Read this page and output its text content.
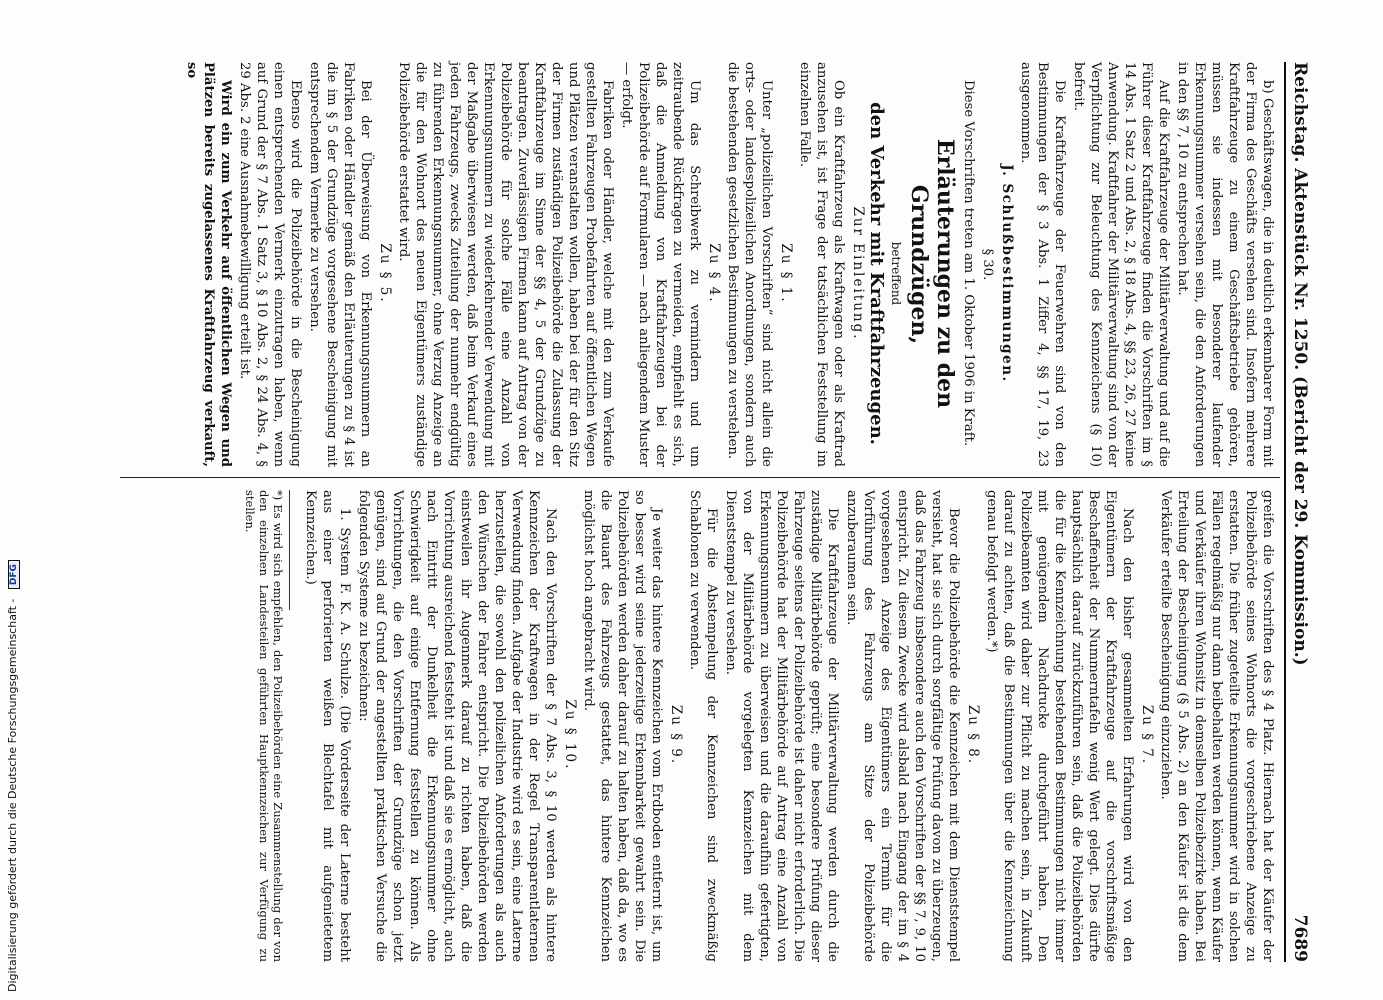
Reichstag. Aktenstück Nr. 1250. (Bericht der 29. Kommission.)
7689

b) Geschäftswagen, die in deutlich erkennbarer Form mit der Firma des Geschäfts versehen sind. Insofern mehrere Kraftfahrzeuge zu einem Geschäftsbetriebe gehören, müssen sie indessen mit besonderer laufender Erkennungsnummer versehen sein, die den Anforderungen in den §§ 7, 10 zu entsprechen hat.

Auf die Kraftfahrzeuge der Militärverwaltung und auf die Führer dieser Kraftfahrzeuge finden die Vorschriften im § 14 Abs. 1 Satz 2 und Abs. 2, § 18 Abs. 4, §§ 23, 26, 27 keine Anwendung. Kraftfahrer der Militärverwaltung sind von der Verpflichtung zur Beleuchtung des Kennzeichens (§ 10) befreit.

Die Kraftfahrzeuge der Feuerwehren sind von den Bestimmungen der § 3 Abs. 1 Ziffer 4, §§ 17, 19, 23 ausgenommen.

J. Schlußbestimmungen.

§ 30.

Diese Vorschriften treten am 1. Oktober 1906 in Kraft.

Erläuterungen zu den Grundzügen,

betreffend

den Verkehr mit Kraftfahrzeugen.

Zur Einleitung.

Ob ein Kraftfahrzeug als Kraftwagen oder als Kraftrad anzusehen ist, ist Frage der tatsächlichen Feststellung im einzelnen Falle.

Zu § 1.

Unter „polizeilichen Vorschriften“ sind nicht allein die orts- oder landespolizeilichen Anordnungen, sondern auch die bestehenden gesetzlichen Bestimmungen zu verstehen.

Zu § 4.

Um das Schreibwerk zu vermindern und um zeitraubende Rückfragen zu vermeiden, empfiehlt es sich, daß die Anmeldung von Kraftfahrzeugen bei der Polizeibehörde auf Formularen — nach anliegendem Muster — erfolgt.

Fabriken oder Händler, welche mit den zum Verkaufe gestellten Fahrzeugen Probefahrten auf öffentlichen Wegen und Plätzen veranstalten wollen, haben bei der für den Sitz der Firmen zuständigen Polizeibehörde die Zulassung der Kraftfahrzeuge im Sinne der §§ 4, 5 der Grundzüge zu beantragen. Zuverlässigen Firmen kann auf Antrag von der Polizeibehörde für solche Fälle eine Anzahl von Erkennungsnummern zu wiederkehrender Verwendung mit der Maßgabe überwiesen werden, daß beim Verkauf eines jeden Fahrzeugs, zwecks Zuteilung der nunmehr endgültig zu führenden Erkennungsnummer, ohne Verzug Anzeige an die für den Wohnort des neuen Eigentümers zuständige Polizeibehörde erstattet wird.

Zu § 5.

Bei der Überweisung von Erkennungsnummern an Fabriken oder Händler gemäß den Erläuterungen zu § 4 ist die im § 5 der Grundzüge vorgesehene Bescheinigung mit entsprechendem Vermerke zu versehen.

Ebenso wird die Polizeibehörde in die Bescheinigung einen entsprechenden Vermerk einzutragen haben, wenn auf Grund der § 7 Abs. 1 Satz 3, § 10 Abs. 2, § 24 Abs. 4, § 29 Abs. 2 eine Ausnahmebewilligung erteilt ist.

Wird ein zum Verkehr auf öffentlichen Wegen und Plätzen bereits zugelassenes Kraftfahrzeug verkauft, so

greifen die Vorschriften des § 4 Platz. Hiernach hat der Käufer der Polizeibehörde seines Wohnorts die vorgeschriebene Anzeige zu erstatten. Die früher zugeteilte Erkennungsnummer wird in solchen Fällen regelmäßig nur dann beibehalten werden können, wenn Käufer und Verkäufer ihren Wohnsitz in demselben Polizeibezirke haben. Bei Erteilung der Bescheinigung (§ 5 Abs. 2) an den Käufer ist die dem Verkäufer erteilte Bescheinigung einzuziehen.

Zu § 7.

Nach den bisher gesammelten Erfahrungen wird von den Eigentümern der Kraftfahrzeuge auf die vorschriftsmäßige Beschaffenheit der Nummerntafeln wenig Wert gelegt. Dies dürfte hauptsächlich darauf zurückzuführen sein, daß die Polizeibehörden die für die Kennzeichnung bestehenden Bestimmungen nicht immer mit genügendem Nachdrucke durchgeführt haben. Den Polizeibeamten wird daher zur Pflicht zu machen sein, in Zukunft darauf zu achten, daß die Bestimmungen über die Kennzeichnung genau befolgt werden.*)

Zu § 8.

Bevor die Polizeibehörde die Kennzeichen mit dem Dienststempel versieht, hat sie sich durch sorgfältige Prüfung davon zu überzeugen, daß das Fahrzeug insbesondere auch den Vorschriften der §§ 7, 9, 10 entspricht. Zu diesem Zwecke wird alsbald nach Eingang der im § 4 vorgesehenen Anzeige des Eigentümers ein Termin für die Vorführung des Fahrzeugs am Sitze der Polizeibehörde anzuberaumen sein.

Die Kraftfahrzeuge der Militärverwaltung werden durch die zuständige Militärbehörde geprüft; eine besondere Prüfung dieser Fahrzeuge seitens der Polizeibehörde ist daher nicht erforderlich. Die Polizeibehörde hat der Militärbehörde auf Antrag eine Anzahl von Erkennungsnummern zu überweisen und die daraufhin gefertigten, von der Militärbehörde vorgelegten Kennzeichen mit dem Dienststempel zu versehen.

Für die Abstempelung der Kennzeichen sind zweckmäßig Schablonen zu verwenden.

Zu § 9.

Je weiter das hintere Kennzeichen vom Erdboden entfernt ist, um so besser wird seine jederzeitige Erkennbarkeit gewahrt sein. Die Polizeibehörden werden daher darauf zu halten haben, daß da, wo es die Bauart des Fahrzeugs gestattet, das hintere Kennzeichen möglichst hoch angebracht wird.

Zu § 10.

Nach den Vorschriften der § 7 Abs. 3, § 10 werden als hintere Kennzeichen der Kraftwagen in der Regel Transparentlaternen Verwendung finden. Aufgabe der Industrie wird es sein, eine Laterne herzustellen, die sowohl den polizeilichen Anforderungen als auch den Wünschen der Fahrer entspricht. Die Polizeibehörden werden einstweilen ihr Augenmerk darauf zu richten haben, daß die Vorrichtung ausreichend feststeht ist und daß sie es ermöglicht, auch nach Eintritt der Dunkelheit die Erkennungsnummer ohne Schwierigkeit auf einige Entfernung feststellen zu können. Als Vorrichtungen, die den Vorschriften der Grundzüge schon jetzt genügen, sind auf Grund der angestellten praktischen Versuche die folgenden Systeme zu bezeichnen:

1. System F. K. A. Schulze. (Die Vorderseite der Laterne besteht aus einer perforierten weißen Blechtafel mit aufgenietetem Kennzeichen.)

*) Es wird sich empfehlen, den Polizeibehörden eine Zusammenstellung der von den einzelnen Landesteilen geführten Hauptkennzeichen zur Verfügung zu stellen.
Digitalisierung gefördert durch die Deutsche Forschungsgemeinschaft - DFG
